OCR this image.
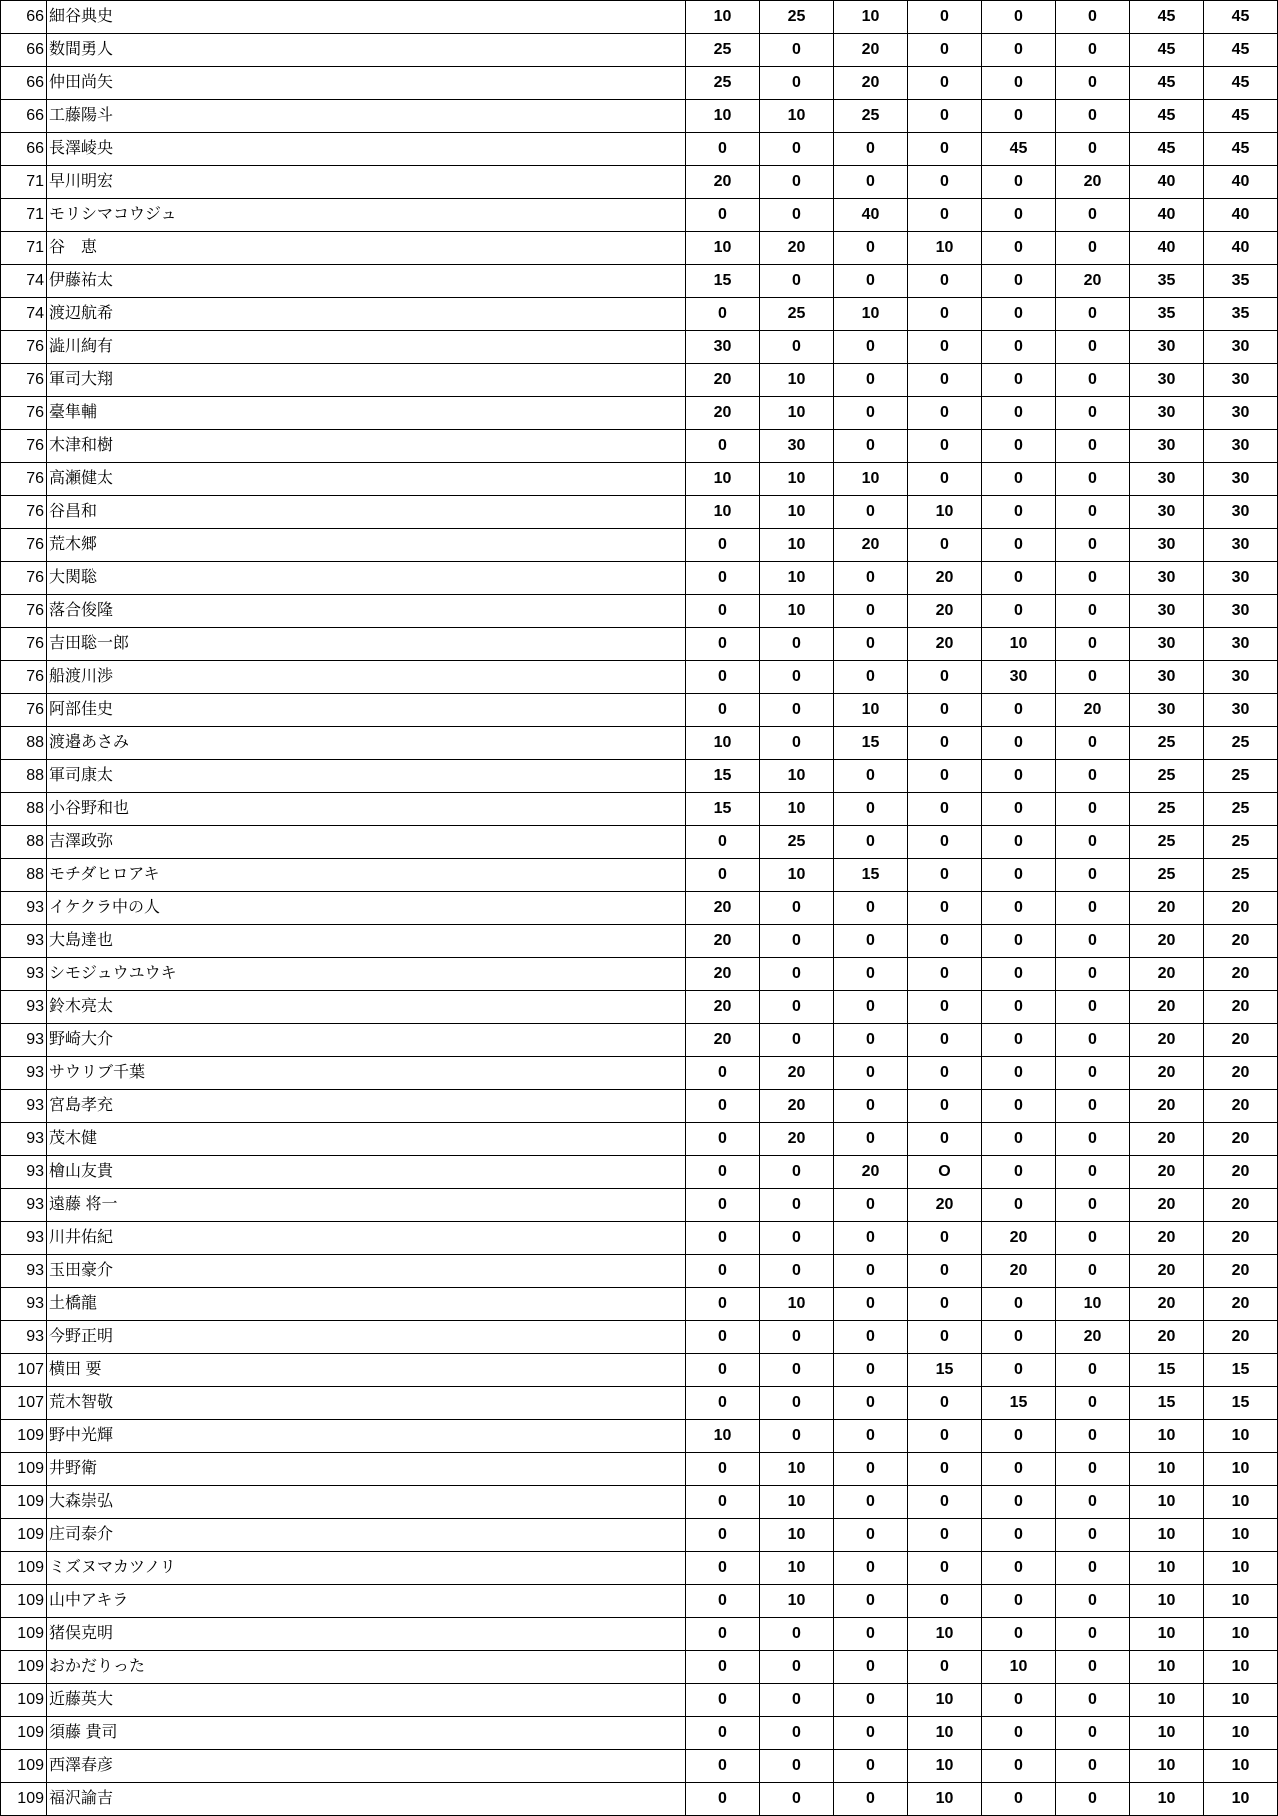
66	細谷典史		10	25	10	0	0	0	45	45
66	数間勇人		25	0	20	0	0	0	45	45
66	仲田尚矢		25	0	20	0	0	0	45	45
66	工藤陽斗		10	10	25	0	0	0	45	45
66	長澤崚央		0	0	0	0	45	0	45	45
71	早川明宏		20	0	0	0	0	20	40	40
71	モリシマコウジュ		0	0	40	0	0	0	40	40
71	谷　恵		10	20	0	10	0	0	40	40
74	伊藤祐太		15	0	0	0	0	20	35	35
74	渡辺航希		0	25	10	0	0	0	35	35
76	澁川絢有		30	0	0	0	0	0	30	30
76	軍司大翔		20	10	0	0	0	0	30	30
76	臺隼輔		20	10	0	0	0	0	30	30
76	木津和樹		0	30	0	0	0	0	30	30
76	高瀬健太		10	10	10	0	0	0	30	30
76	谷昌和		10	10	0	10	0	0	30	30
76	荒木郷		0	10	20	0	0	0	30	30
76	大関聡		0	10	0	20	0	0	30	30
76	落合俊隆		0	10	0	20	0	0	30	30
76	吉田聡一郎		0	0	0	20	10	0	30	30
76	船渡川渉		0	0	0	0	30	0	30	30
76	阿部佳史		0	0	10	0	0	20	30	30
88	渡邉あさみ		10	0	15	0	0	0	25	25
88	軍司康太		15	10	0	0	0	0	25	25
88	小谷野和也		15	10	0	0	0	0	25	25
88	吉澤政弥		0	25	0	0	0	0	25	25
88	モチダヒロアキ		0	10	15	0	0	0	25	25
93	イケクラ中の人		20	0	0	0	0	0	20	20
93	大島達也		20	0	0	0	0	0	20	20
93	シモジュウユウキ		20	0	0	0	0	0	20	20
93	鈴木亮太		20	0	0	0	0	0	20	20
93	野崎大介		20	0	0	0	0	0	20	20
93	サウリブ千葉		0	20	0	0	0	0	20	20
93	宮島孝充		0	20	0	0	0	0	20	20
93	茂木健		0	20	0	0	0	0	20	20
93	檜山友貴		0	0	20	O	0	0	20	20
93	遠藤 将一		0	0	0	20	0	0	20	20
93	川井佑紀		0	0	0	0	20	0	20	20
93	玉田豪介		0	0	0	0	20	0	20	20
93	土橋龍		0	10	0	0	0	10	20	20
93	今野正明		0	0	0	0	0	20	20	20
107	横田 要		0	0	0	15	0	0	15	15
107	荒木智敬		0	0	0	0	15	0	15	15
109	野中光輝		10	0	0	0	0	0	10	10
109	井野衛		0	10	0	0	0	0	10	10
109	大森崇弘		0	10	0	0	0	0	10	10
109	庄司泰介		0	10	0	0	0	0	10	10
109	ミズヌマカツノリ		0	10	0	0	0	0	10	10
109	山中アキラ		0	10	0	0	0	0	10	10
109	猪俣克明		0	0	0	10	0	0	10	10
109	おかだりった		0	0	0	0	10	0	10	10
109	近藤英大		0	0	0	10	0	0	10	10
109	須藤 貴司		0	0	0	10	0	0	10	10
109	西澤春彦		0	0	0	10	0	0	10	10
109	福沢諭吉		0	0	0	10	0	0	10	10
